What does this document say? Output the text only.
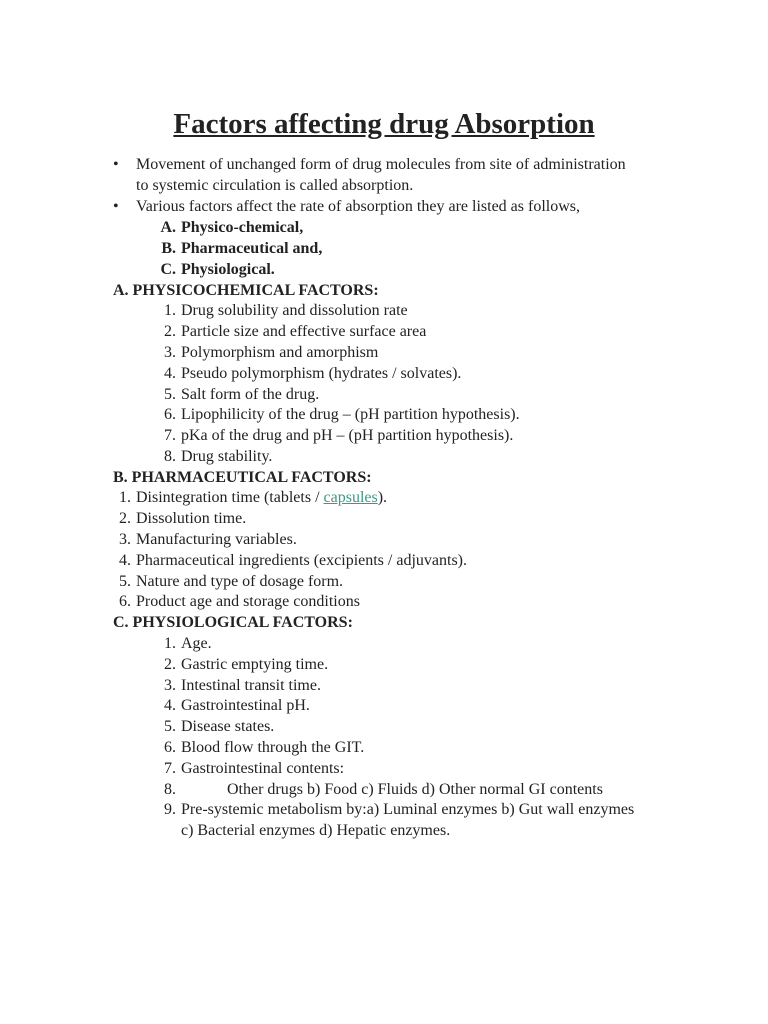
Factors affecting drug Absorption
• Movement of unchanged form of drug molecules from site of administration
to systemic circulation is called absorption.
• Various factors affect the rate of absorption they are listed as follows,
A. Physico-chemical,
B. Pharmaceutical and,
C. Physiological.
A. PHYSICOCHEMICAL FACTORS:
1. Drug solubility and dissolution rate
2. Particle size and effective surface area
3. Polymorphism and amorphism
4. Pseudo polymorphism (hydrates / solvates).
5. Salt form of the drug.
6. Lipophilicity of the drug – (pH partition hypothesis).
7. pKa of the drug and pH – (pH partition hypothesis).
8. Drug stability.
B. PHARMACEUTICAL FACTORS:
1. Disintegration time (tablets / capsules).
2. Dissolution time.
3. Manufacturing variables.
4. Pharmaceutical ingredients (excipients / adjuvants).
5. Nature and type of dosage form.
6. Product age and storage conditions
C. PHYSIOLOGICAL FACTORS:
1. Age.
2. Gastric emptying time.
3. Intestinal transit time.
4. Gastrointestinal pH.
5. Disease states.
6. Blood flow through the GIT.
7. Gastrointestinal contents:
8.	Other drugs b) Food c) Fluids d) Other normal GI contents
9. Pre-systemic metabolism by:a) Luminal enzymes b) Gut wall enzymes
c) Bacterial enzymes d) Hepatic enzymes.
